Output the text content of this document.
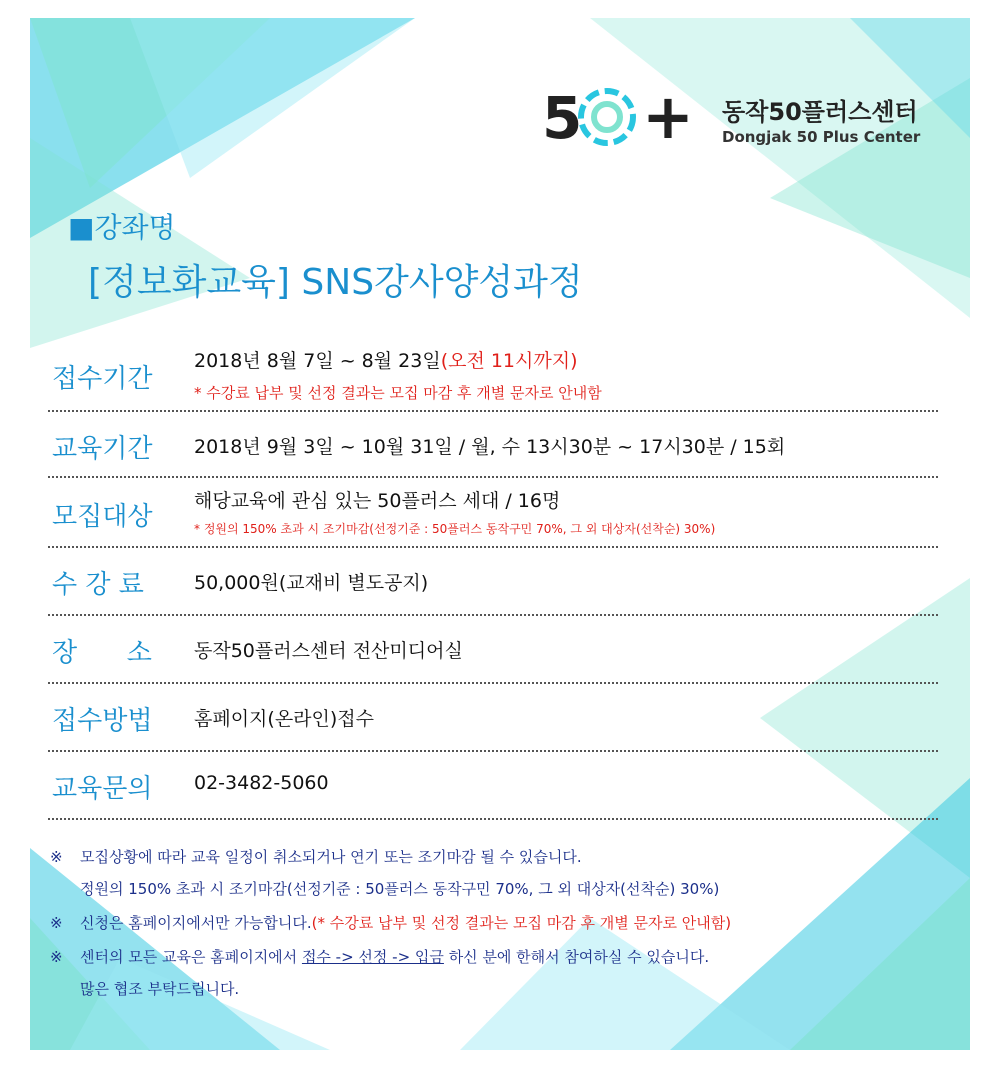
5 + 동작50플러스센터
Dongjak 50 Plus Center
■강좌명
[정보화교육] SNS강사양성과정
접수기간
2018년 8월 7일 ~ 8월 23일(오전 11시까지)
* 수강료 납부 및 선정 결과는 모집 마감 후 개별 문자로 안내함
교육기간 2018년 9월 3일 ~ 10월 31일 / 월, 수 13시30분 ~ 17시30분 / 15회
모집대상
해당교육에 관심 있는 50플러스 세대 / 16명
* 정원의 150% 초과 시 조기마감(선정기준 : 50플러스 동작구민 70%, 그 외 대상자(선착순) 30%)
수 강 료	50,000원(교재비 별도공지)
장      소 동작50플러스센터 전산미디어실
접수방법 홈페이지(온라인)접수
교육문의 02-3482-5060
※ 모집상황에 따라 교육 일정이 취소되거나 연기 또는 조기마감 될 수 있습니다.
정원의 150% 초과 시 조기마감(선정기준 : 50플러스 동작구민 70%, 그 외 대상자(선착순) 30%)
※ 신청은 홈페이지에서만 가능합니다.(* 수강료 납부 및 선정 결과는 모집 마감 후 개별 문자로 안내함)
※ 센터의 모든 교육은 홈페이지에서 접수 -> 선정 -> 입금 하신 분에 한해서 참여하실 수 있습니다.
많은 협조 부탁드립니다.
